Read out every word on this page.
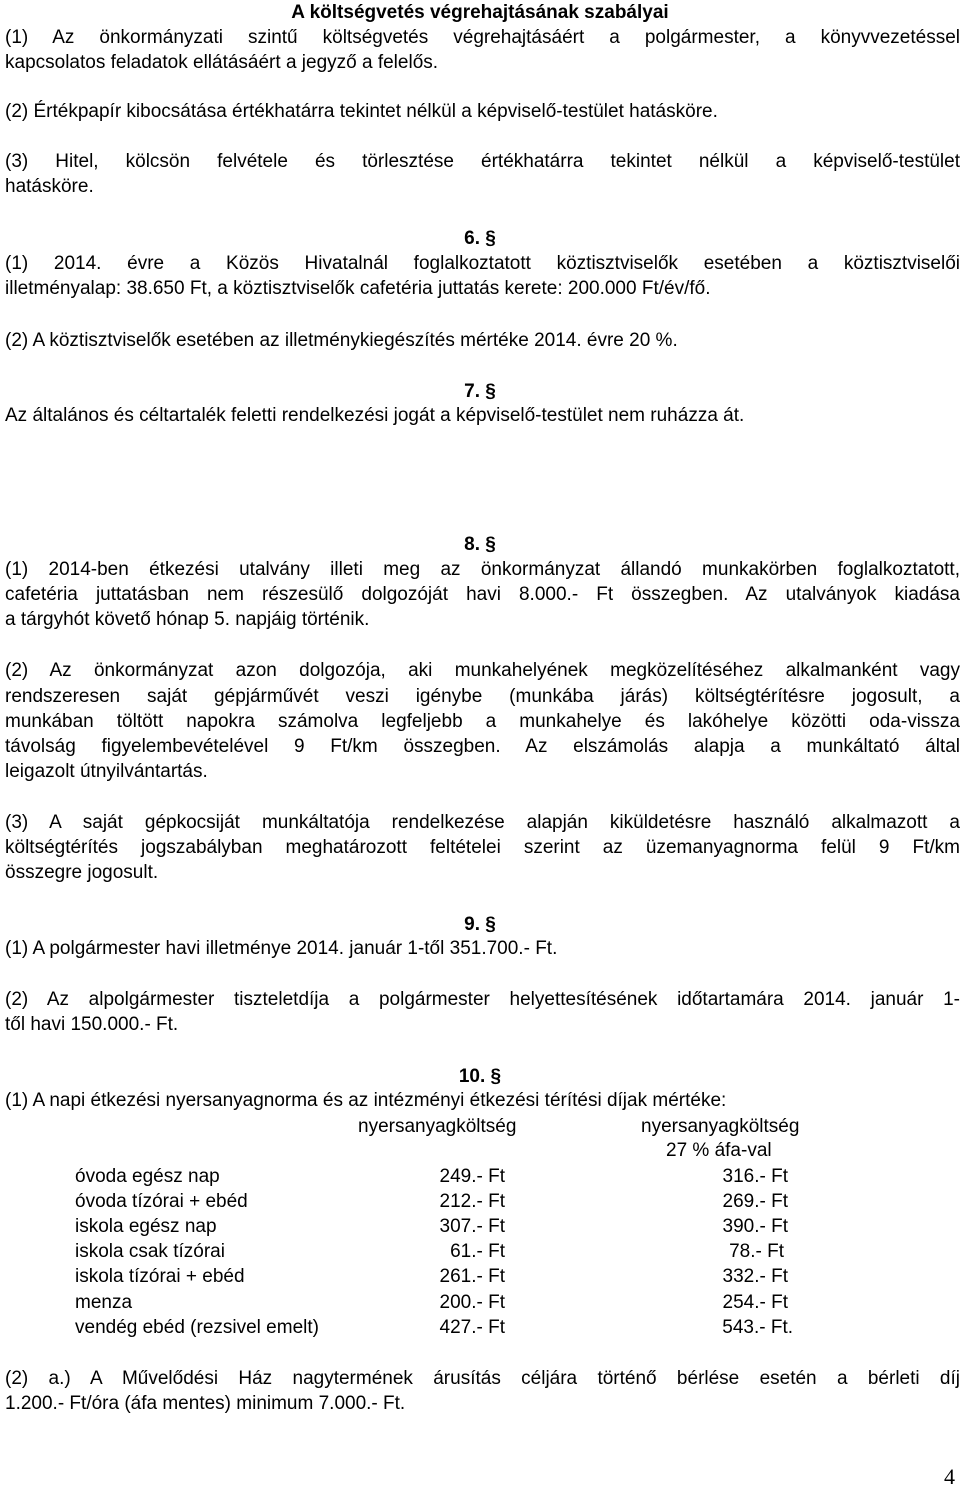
A költségvetés végrehajtásának szabályai
(1) Az önkormányzati szintű költségvetés végrehajtásáért a polgármester, a könyvvezetéssel
kapcsolatos feladatok ellátásáért a jegyző a felelős.
(2) Értékpapír kibocsátása értékhatárra tekintet nélkül a képviselő-testület hatásköre.
(3) Hitel, kölcsön felvétele és törlesztése értékhatárra tekintet nélkül a képviselő-testület
hatásköre.
6. §
(1) 2014. évre a Közös Hivatalnál foglalkoztatott köztisztviselők esetében a köztisztviselői
illetményalap: 38.650 Ft, a köztisztviselők cafetéria juttatás kerete: 200.000 Ft/év/fő.
(2) A köztisztviselők esetében az illetménykiegészítés mértéke 2014. évre 20 %.
7. §
Az általános és céltartalék feletti rendelkezési jogát a képviselő-testület nem ruházza át.
8. §
(1) 2014-ben étkezési utalvány illeti meg az önkormányzat állandó munkakörben foglalkoztatott,
cafetéria juttatásban nem részesülő dolgozóját havi 8.000.- Ft összegben. Az utalványok kiadása
a tárgyhót követő hónap 5. napjáig történik.
(2) Az önkormányzat azon dolgozója, aki munkahelyének megközelítéséhez alkalmanként vagy
rendszeresen saját gépjárművét veszi igénybe (munkába járás) költségtérítésre jogosult, a
munkában töltött napokra számolva legfeljebb a munkahelye és lakóhelye közötti oda-vissza
távolság figyelembevételével 9 Ft/km összegben. Az elszámolás alapja a munkáltató által
leigazolt útnyilvántartás.
(3) A saját gépkocsiját munkáltatója rendelkezése alapján kiküldetésre használó alkalmazott a
költségtérítés jogszabályban meghatározott feltételei szerint az üzemanyagnorma felül 9 Ft/km
összegre jogosult.
9. §
(1) A polgármester havi illetménye 2014. január 1-től 351.700.- Ft.
(2) Az alpolgármester tiszteletdíja a polgármester helyettesítésének időtartamára 2014. január 1-
től havi 150.000.- Ft.
10. §
(1) A napi étkezési nyersanyagnorma és az intézményi étkezési térítési díjak mértéke:
nyersanyagköltség	nyersanyagköltség
27 % áfa-val
óvoda egész nap	249.- Ft	316.- Ft
óvoda tízórai + ebéd	212.- Ft	269.- Ft
iskola egész nap	307.- Ft	390.- Ft
iskola csak tízórai	61.- Ft	78.- Ft
iskola tízórai + ebéd	261.- Ft	332.- Ft
menza	200.- Ft	254.- Ft
vendég ebéd (rezsivel emelt)	427.- Ft	543.- Ft.
(2) a.) A Művelődési Ház nagytermének árusítás céljára történő bérlése esetén a bérleti díj
1.200.- Ft/óra (áfa mentes) minimum 7.000.- Ft.
4
